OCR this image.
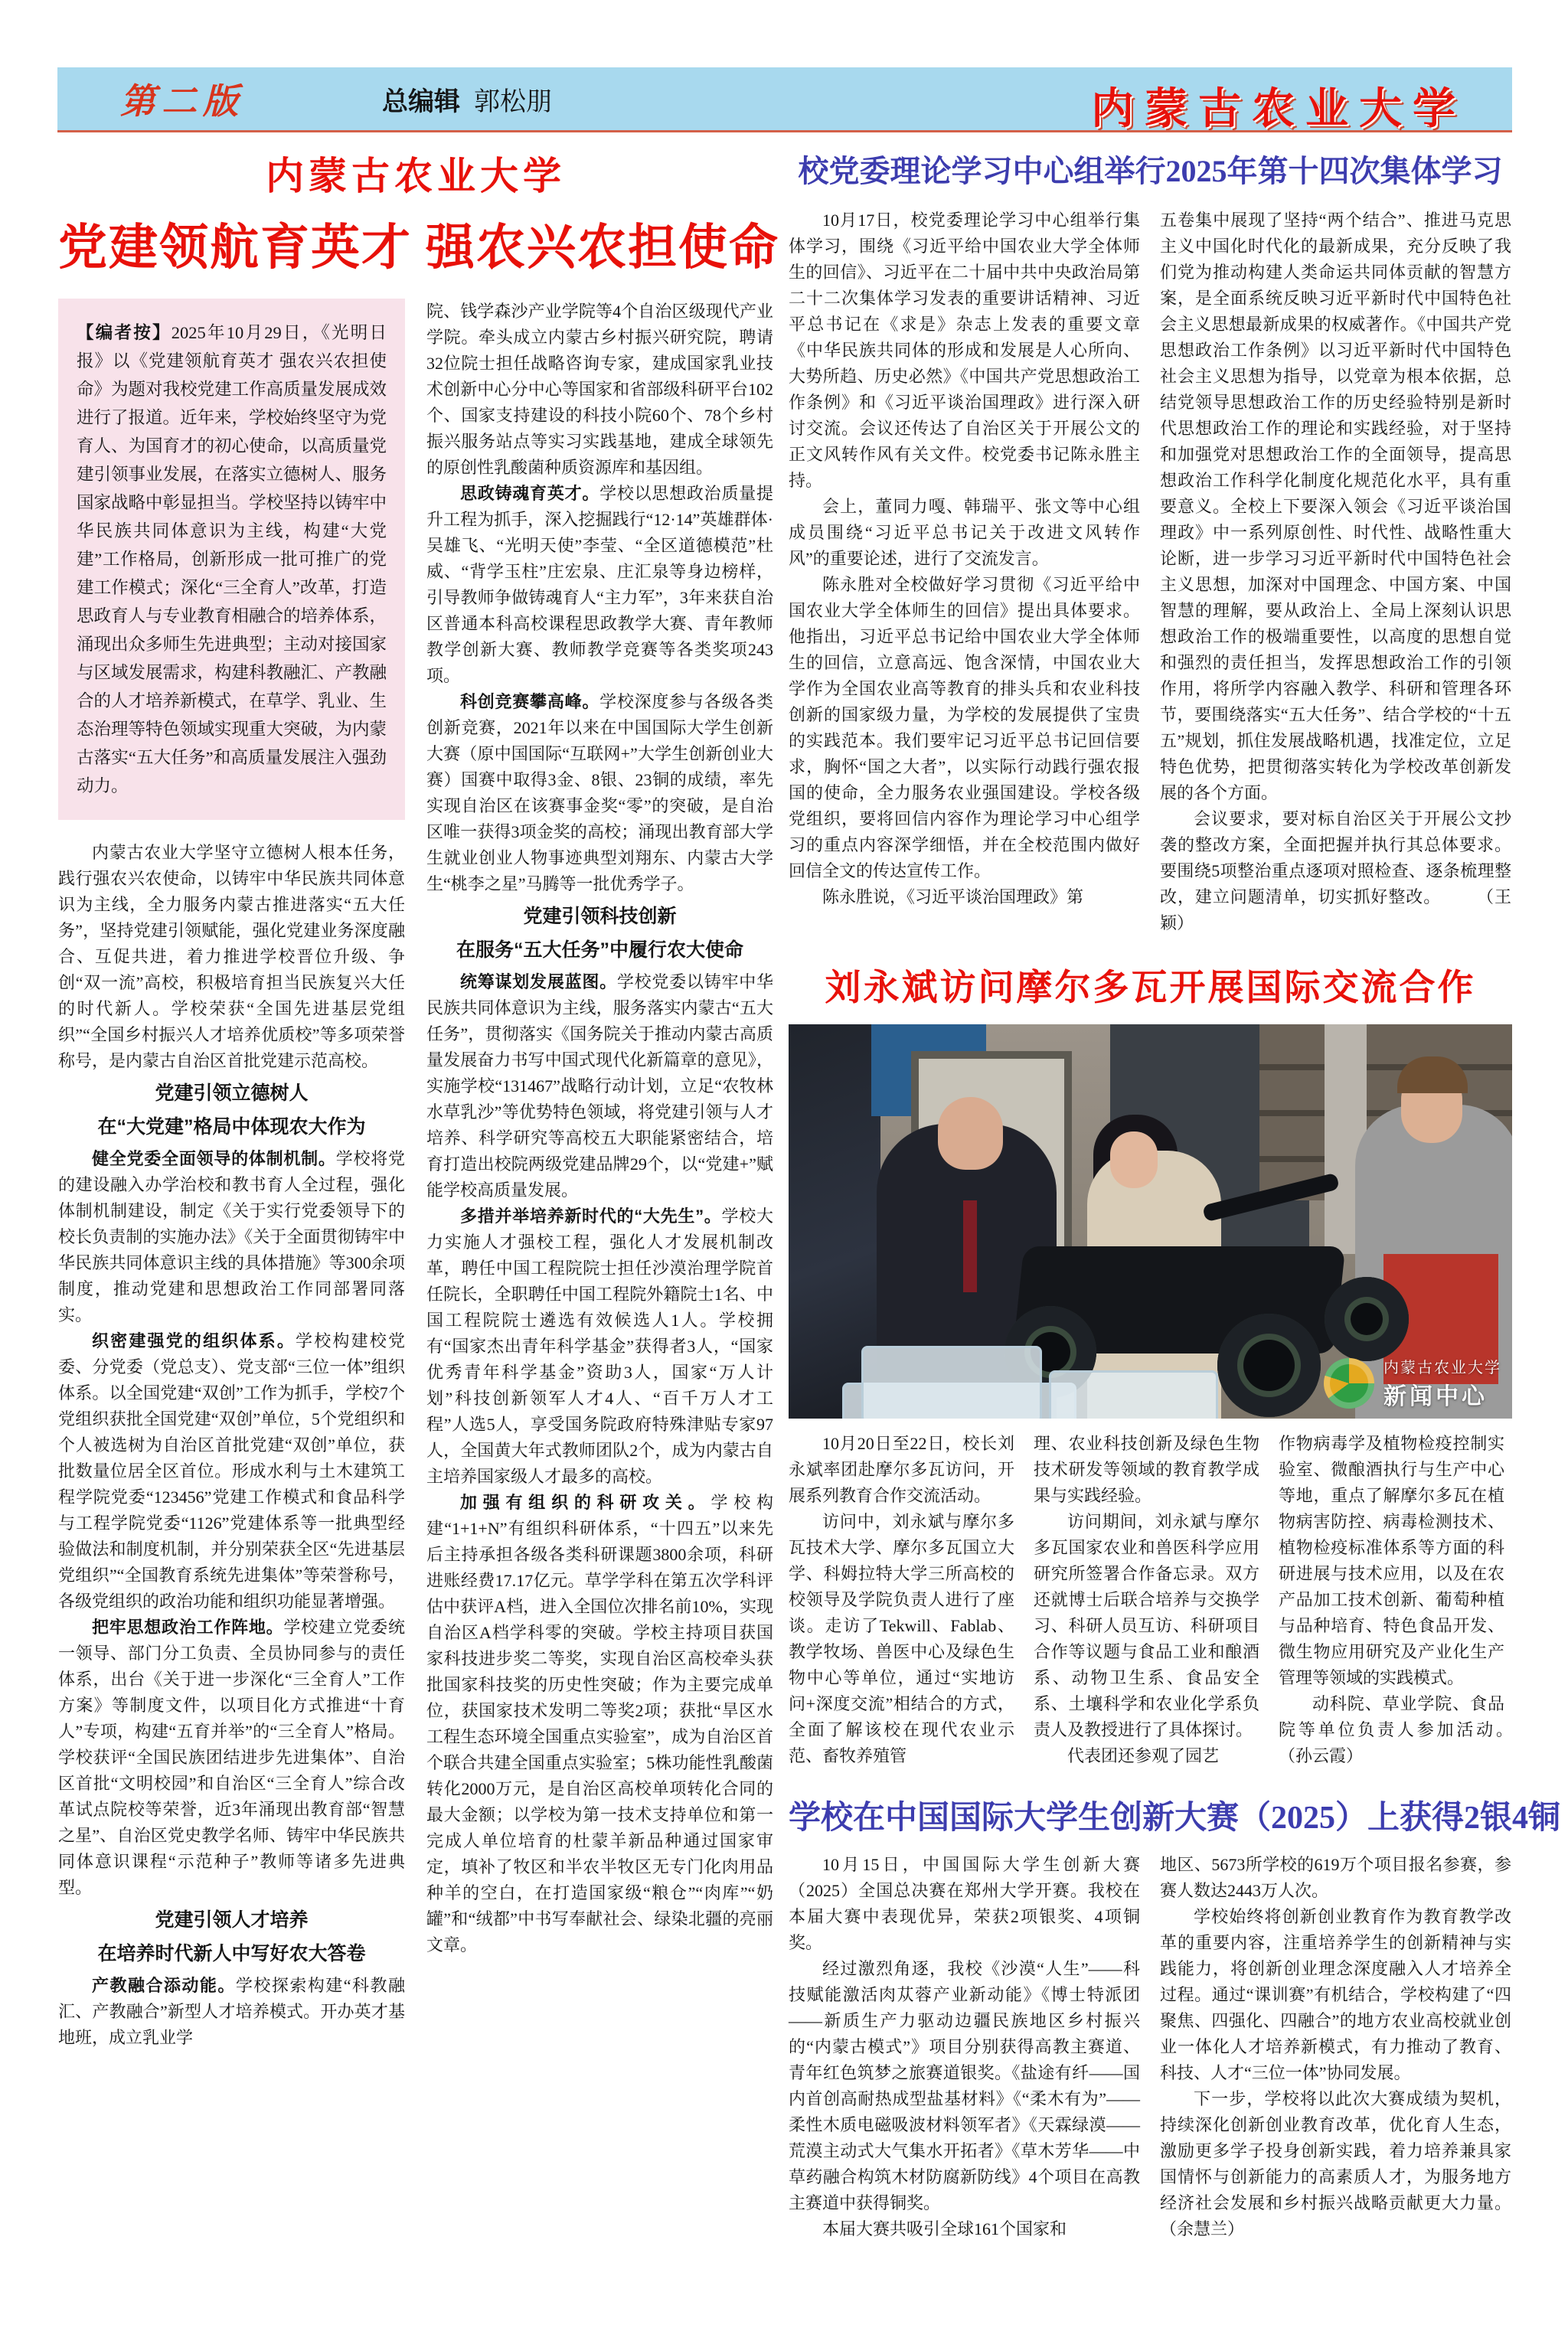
第二版	总编辑 郭松朋	内蒙古农业大学
内蒙古农业大学
党建领航育英才 强农兴农担使命
【编者按】2025年10月29日，《光明日报》以《党建领航育英才 强农兴农担使命》为题对我校党建工作高质量发展成效进行了报道。近年来，学校始终坚守为党育人、为国育才的初心使命，以高质量党建引领事业发展，在落实立德树人、服务国家战略中彰显担当。学校坚持以铸牢中华民族共同体意识为主线，构建“大党建”工作格局，创新形成一批可推广的党建工作模式；深化“三全育人”改革，打造思政育人与专业教育相融合的培养体系，涌现出众多师生先进典型；主动对接国家与区域发展需求，构建科教融汇、产教融合的人才培养新模式，在草学、乳业、生态治理等特色领域实现重大突破，为内蒙古落实“五大任务”和高质量发展注入强劲动力。
内蒙古农业大学坚守立德树人根本任务，践行强农兴农使命，以铸牢中华民族共同体意识为主线，全力服务内蒙古推进落实“五大任务”，坚持党建引领赋能，强化党建业务深度融合、互促共进，着力推进学校晋位升级、争创“双一流”高校，积极培育担当民族复兴大任的时代新人。学校荣获“全国先进基层党组织”“全国乡村振兴人才培养优质校”等多项荣誉称号，是内蒙古自治区首批党建示范高校。
党建引领立德树人
在“大党建”格局中体现农大作为
健全党委全面领导的体制机制。学校将党的建设融入办学治校和教书育人全过程，强化体制机制建设，制定《关于实行党委领导下的校长负责制的实施办法》《关于全面贯彻铸牢中华民族共同体意识主线的具体措施》等300余项制度，推动党建和思想政治工作同部署同落实。
织密建强党的组织体系。学校构建校党委、分党委（党总支）、党支部“三位一体”组织体系。以全国党建“双创”工作为抓手，学校7个党组织获批全国党建“双创”单位，5个党组织和个人被选树为自治区首批党建“双创”单位，获批数量位居全区首位。形成水利与土木建筑工程学院党委“123456”党建工作模式和食品科学与工程学院党委“1126”党建体系等一批典型经验做法和制度机制，并分别荣获全区“先进基层党组织”“全国教育系统先进集体”等荣誉称号，各级党组织的政治功能和组织功能显著增强。
把牢思想政治工作阵地。学校建立党委统一领导、部门分工负责、全员协同参与的责任体系，出台《关于进一步深化“三全育人”工作方案》等制度文件，以项目化方式推进“十育人”专项，构建“五育并举”的“三全育人”格局。学校获评“全国民族团结进步先进集体”、自治区首批“文明校园”和自治区“三全育人”综合改革试点院校等荣誉，近3年涌现出教育部“智慧之星”、自治区党史教学名师、铸牢中华民族共同体意识课程“示范种子”教师等诸多先进典型。
党建引领人才培养
在培养时代新人中写好农大答卷
产教融合添动能。学校探索构建“科教融汇、产教融合”新型人才培养模式。开办英才基地班，成立乳业学
院、钱学森沙产业学院等4个自治区级现代产业学院。牵头成立内蒙古乡村振兴研究院，聘请32位院士担任战略咨询专家，建成国家乳业技术创新中心分中心等国家和省部级科研平台102个、国家支持建设的科技小院60个、78个乡村振兴服务站点等实习实践基地，建成全球领先的原创性乳酸菌种质资源库和基因组。
思政铸魂育英才。学校以思想政治质量提升工程为抓手，深入挖掘践行“12·14”英雄群体·吴雄飞、“光明天使”李莹、“全区道德模范”杜威、“背学玉柱”庄宏泉、庄汇泉等身边榜样，引导教师争做铸魂育人“主力军”，3年来获自治区普通本科高校课程思政教学大赛、青年教师教学创新大赛、教师教学竞赛等各类奖项243项。
科创竞赛攀高峰。学校深度参与各级各类创新竞赛，2021年以来在中国国际大学生创新大赛（原中国国际“互联网+”大学生创新创业大赛）国赛中取得3金、8银、23铜的成绩，率先实现自治区在该赛事金奖“零”的突破，是自治区唯一获得3项金奖的高校；涌现出教育部大学生就业创业人物事迹典型刘翔东、内蒙古大学生“桃李之星”马腾等一批优秀学子。
党建引领科技创新
在服务“五大任务”中履行农大使命
统筹谋划发展蓝图。学校党委以铸牢中华民族共同体意识为主线，服务落实内蒙古“五大任务”，贯彻落实《国务院关于推动内蒙古高质量发展奋力书写中国式现代化新篇章的意见》，实施学校“131467”战略行动计划，立足“农牧林水草乳沙”等优势特色领域，将党建引领与人才培养、科学研究等高校五大职能紧密结合，培育打造出校院两级党建品牌29个，以“党建+”赋能学校高质量发展。
多措并举培养新时代的“大先生”。学校大力实施人才强校工程，强化人才发展机制改革，聘任中国工程院院士担任沙漠治理学院首任院长，全职聘任中国工程院外籍院士1名、中国工程院院士遴选有效候选人1人。学校拥有“国家杰出青年科学基金”获得者3人，“国家优秀青年科学基金”资助3人，国家“万人计划”科技创新领军人才4人、“百千万人才工程”人选5人，享受国务院政府特殊津贴专家97人，全国黄大年式教师团队2个，成为内蒙古自主培养国家级人才最多的高校。
加强有组织的科研攻关。学校构建“1+1+N”有组织科研体系，“十四五”以来先后主持承担各级各类科研课题3800余项，科研进账经费17.17亿元。草学学科在第五次学科评估中获评A档，进入全国位次排名前10%，实现自治区A档学科零的突破。学校主持项目获国家科技进步奖二等奖，实现自治区高校牵头获批国家科技奖的历史性突破；作为主要完成单位，获国家技术发明二等奖2项；获批“旱区水工程生态环境全国重点实验室”，成为自治区首个联合共建全国重点实验室；5株功能性乳酸菌转化2000万元，是自治区高校单项转化合同的最大金额；以学校为第一技术支持单位和第一完成人单位培育的杜蒙羊新品种通过国家审定，填补了牧区和半农半牧区无专门化肉用品种羊的空白，在打造国家级“粮仓”“肉库”“奶罐”和“绒都”中书写奉献社会、绿染北疆的亮丽文章。
校党委理论学习中心组举行2025年第十四次集体学习
10月17日，校党委理论学习中心组举行集体学习，围绕《习近平给中国农业大学全体师生的回信》、习近平在二十届中共中央政治局第二十二次集体学习发表的重要讲话精神、习近平总书记在《求是》杂志上发表的重要文章《中华民族共同体的形成和发展是人心所向、大势所趋、历史必然》《中国共产党思想政治工作条例》和《习近平谈治国理政》进行深入研讨交流。会议还传达了自治区关于开展公文的正文风转作风有关文件。校党委书记陈永胜主持。
会上，董同力嘎、韩瑞平、张文等中心组成员围绕“习近平总书记关于改进文风转作风”的重要论述，进行了交流发言。
陈永胜对全校做好学习贯彻《习近平给中国农业大学全体师生的回信》提出具体要求。他指出，习近平总书记给中国农业大学全体师生的回信，立意高远、饱含深情，中国农业大学作为全国农业高等教育的排头兵和农业科技创新的国家级力量，为学校的发展提供了宝贵的实践范本。我们要牢记习近平总书记回信要求，胸怀“国之大者”，以实际行动践行强农报国的使命，全力服务农业强国建设。学校各级党组织，要将回信内容作为理论学习中心组学习的重点内容深学细悟，并在全校范围内做好回信全文的传达宣传工作。
陈永胜说，《习近平谈治国理政》第
五卷集中展现了坚持“两个结合”、推进马克思主义中国化时代化的最新成果，充分反映了我们党为推动构建人类命运共同体贡献的智慧方案，是全面系统反映习近平新时代中国特色社会主义思想最新成果的权威著作。《中国共产党思想政治工作条例》以习近平新时代中国特色社会主义思想为指导，以党章为根本依据，总结党领导思想政治工作的历史经验特别是新时代思想政治工作的理论和实践经验，对于坚持和加强党对思想政治工作的全面领导，提高思想政治工作科学化制度化规范化水平，具有重要意义。全校上下要深入领会《习近平谈治国理政》中一系列原创性、时代性、战略性重大论断，进一步学习习近平新时代中国特色社会主义思想，加深对中国理念、中国方案、中国智慧的理解，要从政治上、全局上深刻认识思想政治工作的极端重要性，以高度的思想自觉和强烈的责任担当，发挥思想政治工作的引领作用，将所学内容融入教学、科研和管理各环节，要围绕落实“五大任务”、结合学校的“十五五”规划，抓住发展战略机遇，找准定位，立足特色优势，把贯彻落实转化为学校改革创新发展的各个方面。
会议要求，要对标自治区关于开展公文抄袭的整改方案，全面把握并执行其总体要求。要围绕5项整治重点逐项对照检查、逐条梳理整改，建立问题清单，切实抓好整改。　　　（王颖）
刘永斌访问摩尔多瓦开展国际交流合作
内蒙古农业大学
新闻中心
10月20日至22日，校长刘永斌率团赴摩尔多瓦访问，开展系列教育合作交流活动。
访问中，刘永斌与摩尔多瓦技术大学、摩尔多瓦国立大学、科姆拉特大学三所高校的校领导及学院负责人进行了座谈。走访了Tekwill、Fablab、教学牧场、兽医中心及绿色生物中心等单位，通过“实地访问+深度交流”相结合的方式，全面了解该校在现代农业示范、畜牧养殖管
理、农业科技创新及绿色生物技术研发等领域的教育教学成果与实践经验。
访问期间，刘永斌与摩尔多瓦国家农业和兽医科学应用研究所签署合作备忘录。双方还就博士后联合培养与交换学习、科研人员互访、科研项目合作等议题与食品工业和酿酒系、动物卫生系、食品安全系、土壤科学和农业化学系负责人及教授进行了具体探讨。
代表团还参观了园艺
作物病毒学及植物检疫控制实验室、微酿酒执行与生产中心等地，重点了解摩尔多瓦在植物病害防控、病毒检测技术、植物检疫标准体系等方面的科研进展与技术应用，以及在农产品加工技术创新、葡萄种植与品种培育、特色食品开发、微生物应用研究及产业化生产管理等领域的实践模式。
动科院、草业学院、食品院等单位负责人参加活动。　　　（孙云霞）
学校在中国国际大学生创新大赛（2025）上获得2银4铜
10月15日，中国国际大学生创新大赛（2025）全国总决赛在郑州大学开赛。我校在本届大赛中表现优异，荣获2项银奖、4项铜奖。
经过激烈角逐，我校《沙漠“人生”——科技赋能激活肉苁蓉产业新动能》《博士特派团——新质生产力驱动边疆民族地区乡村振兴的“内蒙古模式”》项目分别获得高教主赛道、青年红色筑梦之旅赛道银奖。《盐途有纤——国内首创高耐热成型盐基材料》《“柔木有为”——柔性木质电磁吸波材料领军者》《天霖绿漠——荒漠主动式大气集水开拓者》《草木芳华——中草药融合构筑木材防腐新防线》4个项目在高教主赛道中获得铜奖。
本届大赛共吸引全球161个国家和
地区、5673所学校的619万个项目报名参赛，参赛人数达2443万人次。
学校始终将创新创业教育作为教育教学改革的重要内容，注重培养学生的创新精神与实践能力，将创新创业理念深度融入人才培养全过程。通过“课训赛”有机结合，学校构建了“四聚焦、四强化、四融合”的地方农业高校就业创业一体化人才培养新模式，有力推动了教育、科技、人才“三位一体”协同发展。
下一步，学校将以此次大赛成绩为契机，持续深化创新创业教育改革，优化育人生态，激励更多学子投身创新实践，着力培养兼具家国情怀与创新能力的高素质人才，为服务地方经济社会发展和乡村振兴战略贡献更大力量。（余慧兰）
